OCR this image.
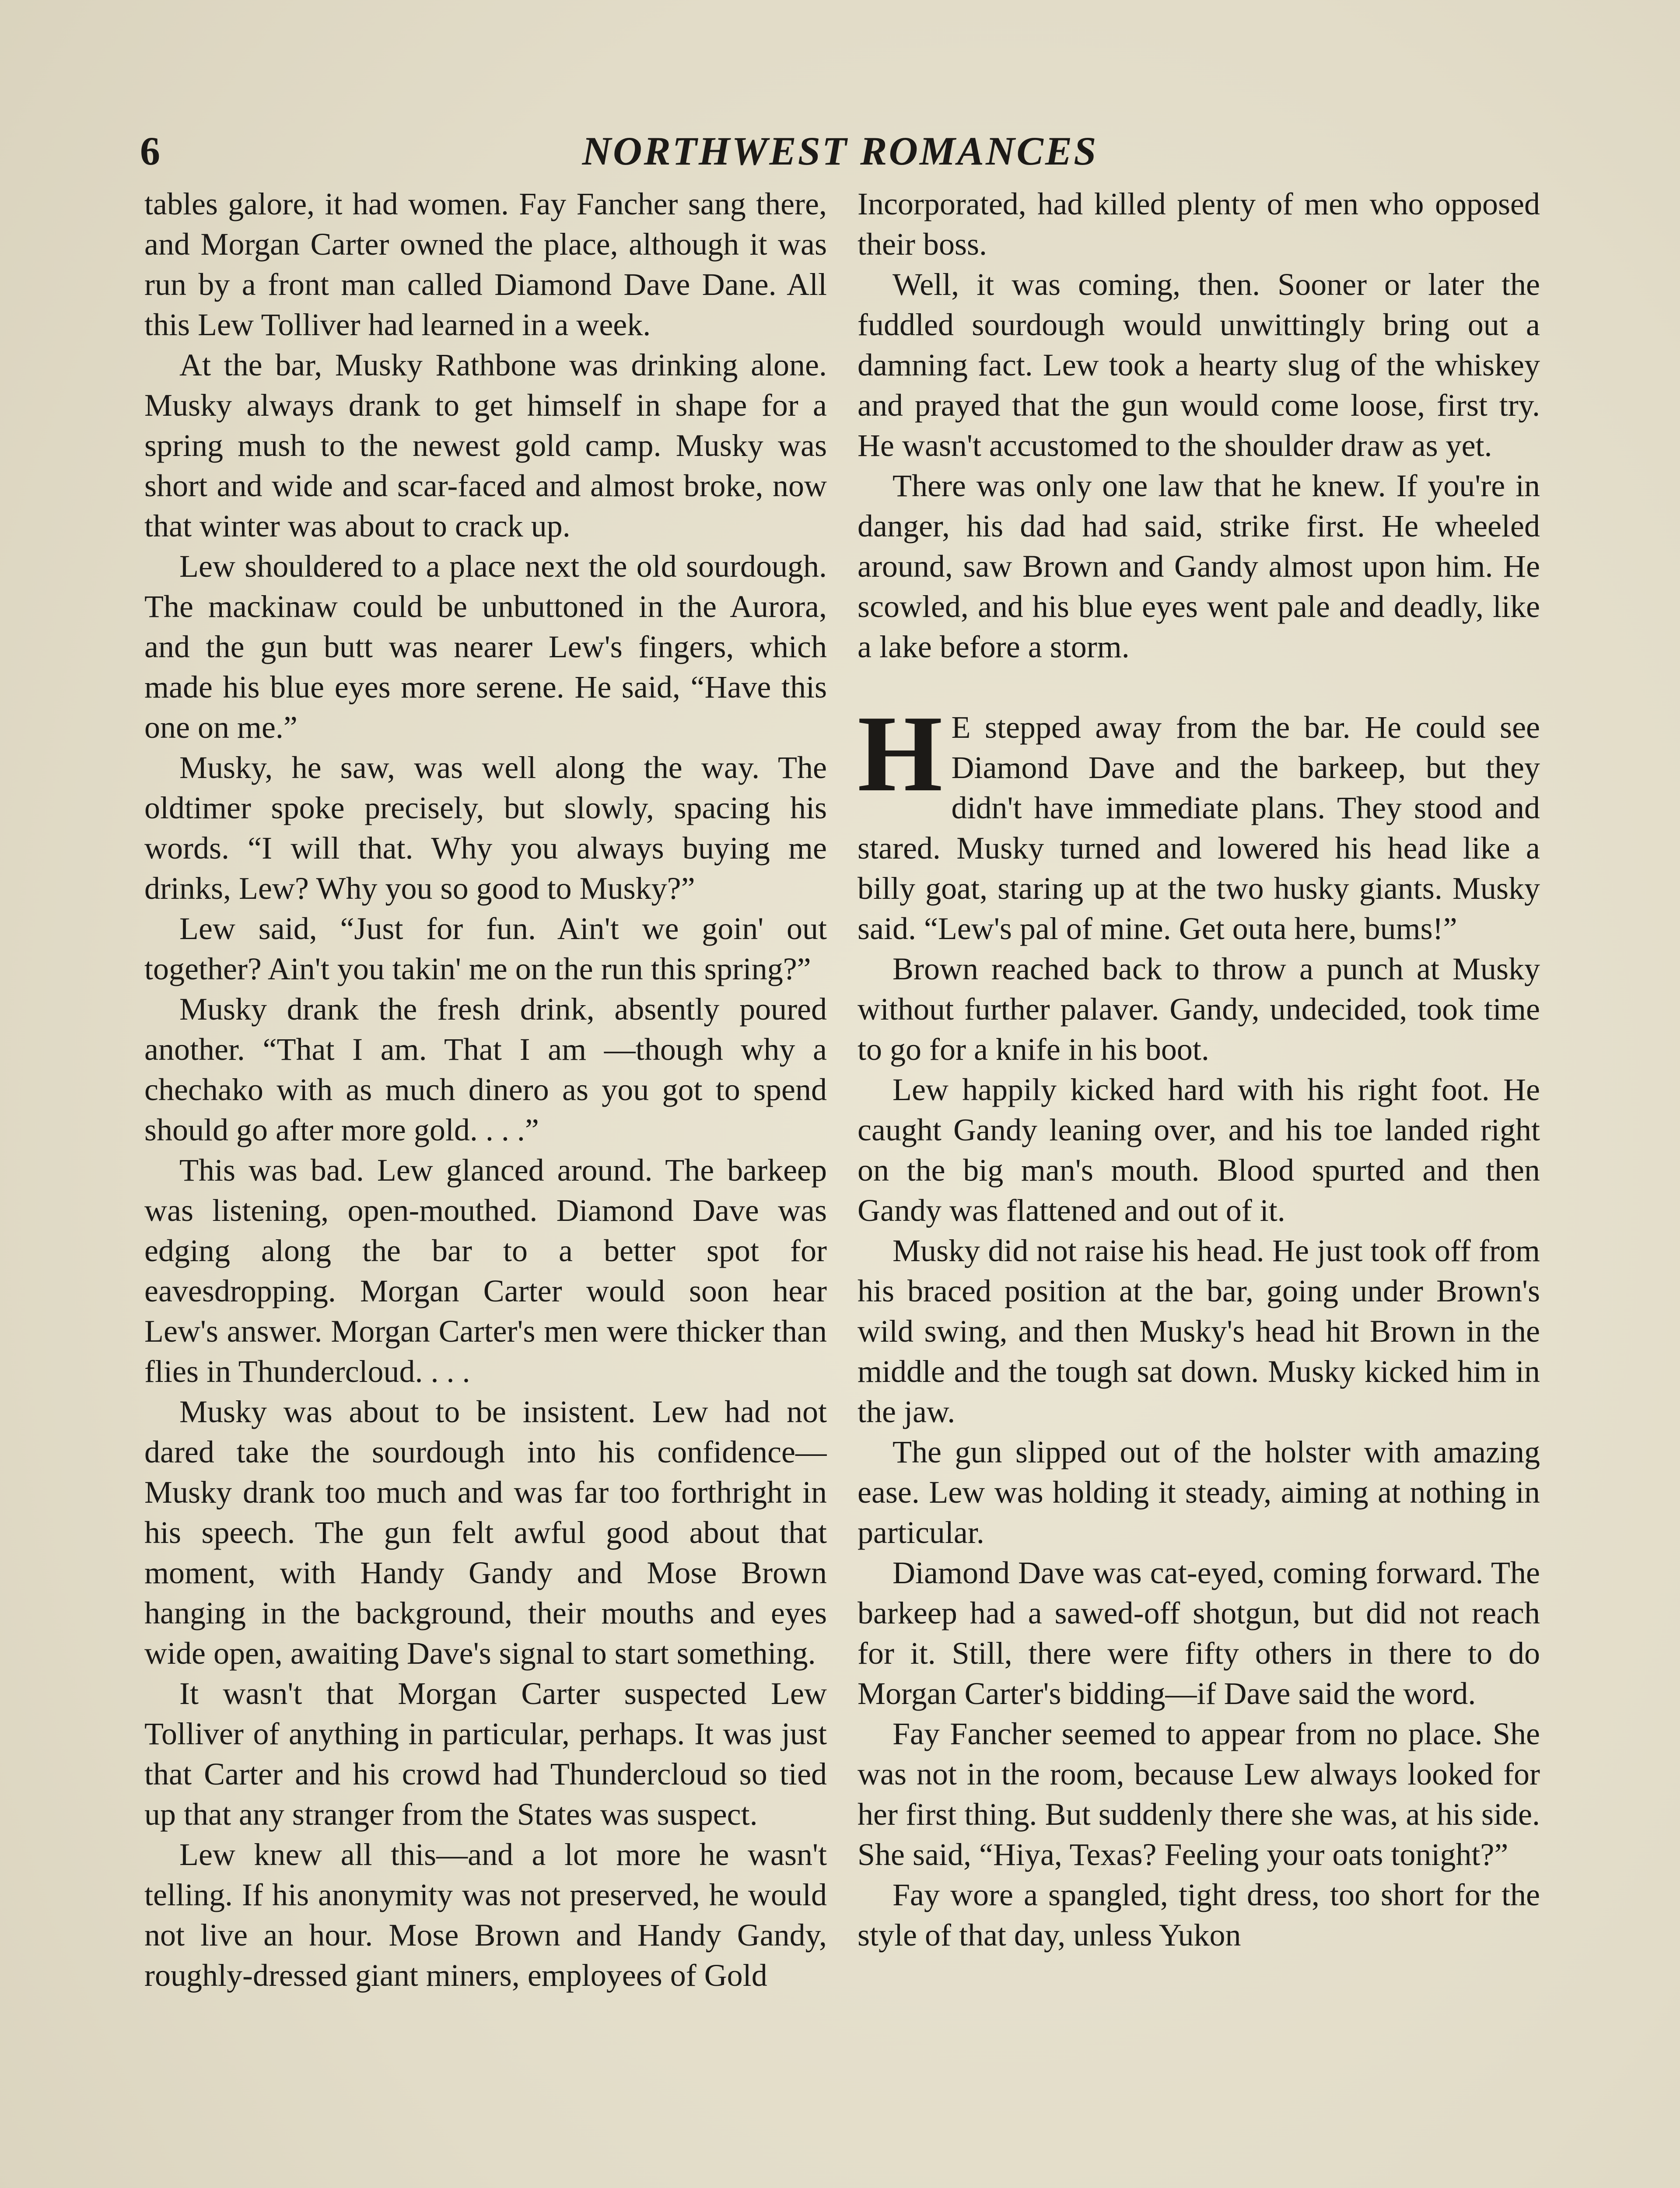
6	NORTHWEST ROMANCES

tables galore, it had women. Fay Fancher sang there, and Morgan Carter owned the place, although it was run by a front man called Diamond Dave Dane. All this Lew Tolliver had learned in a week.

At the bar, Musky Rathbone was drinking alone. Musky always drank to get himself in shape for a spring mush to the newest gold camp. Musky was short and wide and scar-faced and almost broke, now that winter was about to crack up.

Lew shouldered to a place next the old sourdough. The mackinaw could be unbuttoned in the Aurora, and the gun butt was nearer Lew's fingers, which made his blue eyes more serene. He said, “Have this one on me.”

Musky, he saw, was well along the way. The oldtimer spoke precisely, but slowly, spacing his words. “I will that. Why you always buying me drinks, Lew? Why you so good to Musky?”

Lew said, “Just for fun. Ain't we goin' out together? Ain't you takin' me on the run this spring?”

Musky drank the fresh drink, absently poured another. “That I am. That I am —though why a chechako with as much dinero as you got to spend should go after more gold. . . .”

This was bad. Lew glanced around. The barkeep was listening, open-mouthed. Diamond Dave was edging along the bar to a better spot for eavesdropping. Morgan Carter would soon hear Lew's answer. Morgan Carter's men were thicker than flies in Thundercloud. . . .

Musky was about to be insistent. Lew had not dared take the sourdough into his confidence—Musky drank too much and was far too forthright in his speech. The gun felt awful good about that moment, with Handy Gandy and Mose Brown hanging in the background, their mouths and eyes wide open, awaiting Dave's signal to start something.

It wasn't that Morgan Carter suspected Lew Tolliver of anything in particular, perhaps. It was just that Carter and his crowd had Thundercloud so tied up that any stranger from the States was suspect.

Lew knew all this—and a lot more he wasn't telling. If his anonymity was not preserved, he would not live an hour. Mose Brown and Handy Gandy, roughly-dressed giant miners, employees of Gold

Incorporated, had killed plenty of men who opposed their boss.

Well, it was coming, then. Sooner or later the fuddled sourdough would unwittingly bring out a damning fact. Lew took a hearty slug of the whiskey and prayed that the gun would come loose, first try. He wasn't accustomed to the shoulder draw as yet.

There was only one law that he knew. If you're in danger, his dad had said, strike first. He wheeled around, saw Brown and Gandy almost upon him. He scowled, and his blue eyes went pale and deadly, like a lake before a storm.

H E stepped away from the bar. He could see Diamond Dave and the barkeep, but they didn't have immediate plans. They stood and stared. Musky turned and lowered his head like a billy goat, staring up at the two husky giants. Musky said. “Lew's pal of mine. Get outa here, bums!”

Brown reached back to throw a punch at Musky without further palaver. Gandy, undecided, took time to go for a knife in his boot.

Lew happily kicked hard with his right foot. He caught Gandy leaning over, and his toe landed right on the big man's mouth. Blood spurted and then Gandy was flattened and out of it.

Musky did not raise his head. He just took off from his braced position at the bar, going under Brown's wild swing, and then Musky's head hit Brown in the middle and the tough sat down. Musky kicked him in the jaw.

The gun slipped out of the holster with amazing ease. Lew was holding it steady, aiming at nothing in particular.

Diamond Dave was cat-eyed, coming forward. The barkeep had a sawed-off shotgun, but did not reach for it. Still, there were fifty others in there to do Morgan Carter's bidding—if Dave said the word.

Fay Fancher seemed to appear from no place. She was not in the room, because Lew always looked for her first thing. But suddenly there she was, at his side. She said, “Hiya, Texas? Feeling your oats tonight?”

Fay wore a spangled, tight dress, too short for the style of that day, unless Yukon
